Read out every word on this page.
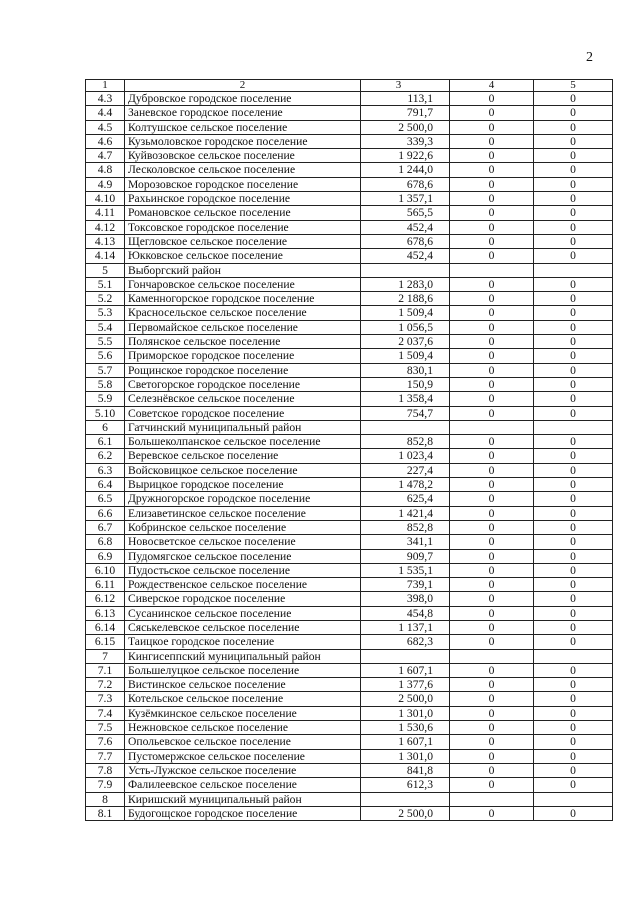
2
1	2	3	4	5
4.3	Дубровское городское поселение	113,1	0	0
4.4	Заневское городское поселение	791,7	0	0
4.5	Колтушское сельское поселение	2 500,0	0	0
4.6	Кузьмоловское городское поселение	339,3	0	0
4.7	Куйвозовское сельское поселение	1 922,6	0	0
4.8	Лесколовское сельское поселение	1 244,0	0	0
4.9	Морозовское городское поселение	678,6	0	0
4.10	Рахьинское городское поселение	1 357,1	0	0
4.11	Романовское сельское поселение	565,5	0	0
4.12	Токсовское городское поселение	452,4	0	0
4.13	Щегловское сельское поселение	678,6	0	0
4.14	Юкковское сельское поселение	452,4	0	0
5	Выборгский район			
5.1	Гончаровское сельское поселение	1 283,0	0	0
5.2	Каменногорское городское поселение	2 188,6	0	0
5.3	Красносельское сельское поселение	1 509,4	0	0
5.4	Первомайское сельское поселение	1 056,5	0	0
5.5	Полянское сельское поселение	2 037,6	0	0
5.6	Приморское городское поселение	1 509,4	0	0
5.7	Рощинское городское поселение	830,1	0	0
5.8	Светогорское городское поселение	150,9	0	0
5.9	Селезнёвское сельское поселение	1 358,4	0	0
5.10	Советское городское поселение	754,7	0	0
6	Гатчинский муниципальный район			
6.1	Большеколпанское сельское поселение	852,8	0	0
6.2	Веревское сельское поселение	1 023,4	0	0
6.3	Войсковицкое сельское поселение	227,4	0	0
6.4	Вырицкое городское поселение	1 478,2	0	0
6.5	Дружногорское городское поселение	625,4	0	0
6.6	Елизаветинское сельское поселение	1 421,4	0	0
6.7	Кобринское сельское поселение	852,8	0	0
6.8	Новосветское сельское поселение	341,1	0	0
6.9	Пудомягское сельское поселение	909,7	0	0
6.10	Пудостьское сельское поселение	1 535,1	0	0
6.11	Рождественское сельское поселение	739,1	0	0
6.12	Сиверское городское поселение	398,0	0	0
6.13	Сусанинское сельское поселение	454,8	0	0
6.14	Сяськелевское сельское поселение	1 137,1	0	0
6.15	Таицкое городское поселение	682,3	0	0
7	Кингисеппский муниципальный район			
7.1	Большелуцкое сельское поселение	1 607,1	0	0
7.2	Вистинское сельское поселение	1 377,6	0	0
7.3	Котельское сельское поселение	2 500,0	0	0
7.4	Кузёмкинское сельское поселение	1 301,0	0	0
7.5	Нежновское сельское поселение	1 530,6	0	0
7.6	Опольевское сельское поселение	1 607,1	0	0
7.7	Пустомержское сельское поселение	1 301,0	0	0
7.8	Усть-Лужское сельское поселение	841,8	0	0
7.9	Фалилеевское сельское поселение	612,3	0	0
8	Киришский муниципальный район			
8.1	Будогощское городское поселение	2 500,0	0	0
